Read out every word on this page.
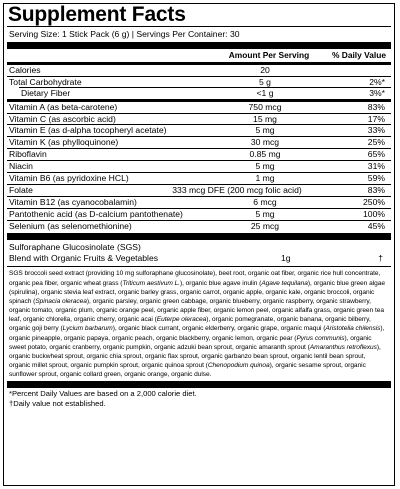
Supplement Facts
Serving Size: 1 Stick Pack (6 g) | Servings Per Container: 30
Amount Per Serving	% Daily Value
Calories	20
Total Carbohydrate	5 g	2%*
Dietary Fiber	<1 g	3%*
Vitamin A (as beta-carotene)	750 mcg	83%
Vitamin C (as ascorbic acid)	15 mg	17%
Vitamin E (as d-alpha tocopheryl acetate)	5 mg	33%
Vitamin K (as phylloquinone)	30 mcg	25%
Riboflavin	0.85 mg	65%
Niacin	5 mg	31%
Vitamin B6 (as pyridoxine HCL)	1 mg	59%
Folate	333 mcg DFE (200 mcg folic acid)	83%
Vitamin B12 (as cyanocobalamin)	6 mcg	250%
Pantothenic acid (as D-calcium pantothenate)	5 mg	100%
Selenium (as selenomethionine)	25 mcg	45%
Sulforaphane Glucosinolate (SGS)
Blend with Organic Fruits & Vegetables	1g	†
SGS broccoli seed extract (providing 10 mg sulforaphane glucosinolate), beet root, organic oat fiber, organic rice hull concentrate, organic pea fiber, organic wheat grass (Triticum aestivum L.), organic blue agave inulin (Agave tequilana), organic blue green algae (spirulina), organic stevia leaf extract, organic barley grass, organic carrot, organic apple, organic kale, organic broccoli, organic spinach (Spinacia oleracea), organic parsley, organic green cabbage, organic blueberry, organic raspberry, organic strawberry, organic tomato, organic plum, organic orange peel, organic apple fiber, organic lemon peel, organic alfalfa grass, organic green tea leaf, organic chlorella, organic cherry, organic acai (Euterpe oleracea), organic pomegranate, organic banana, organic bilberry, organic goji berry (Lycium barbarum), organic black currant, organic elderberry, organic grape, organic maqui (Aristotelia chilensis), organic pineapple, organic papaya, organic peach, organic blackberry, organic lemon, organic pear (Pyrus communis), organic sweet potato, organic cranberry, organic pumpkin, organic adzuki bean sprout, organic amaranth sprout (Amaranthus retroflexus), organic buckwheat sprout, organic chia sprout, organic flax sprout, organic garbanzo bean sprout, organic lentil bean sprout, organic millet sprout, organic pumpkin sprout, organic quinoa sprout (Chenopodium quinoa), organic sesame sprout, organic sunflower sprout, organic collard green, organic orange, organic dulse.
*Percent Daily Values are based on a 2,000 calorie diet.
†Daily value not established.
